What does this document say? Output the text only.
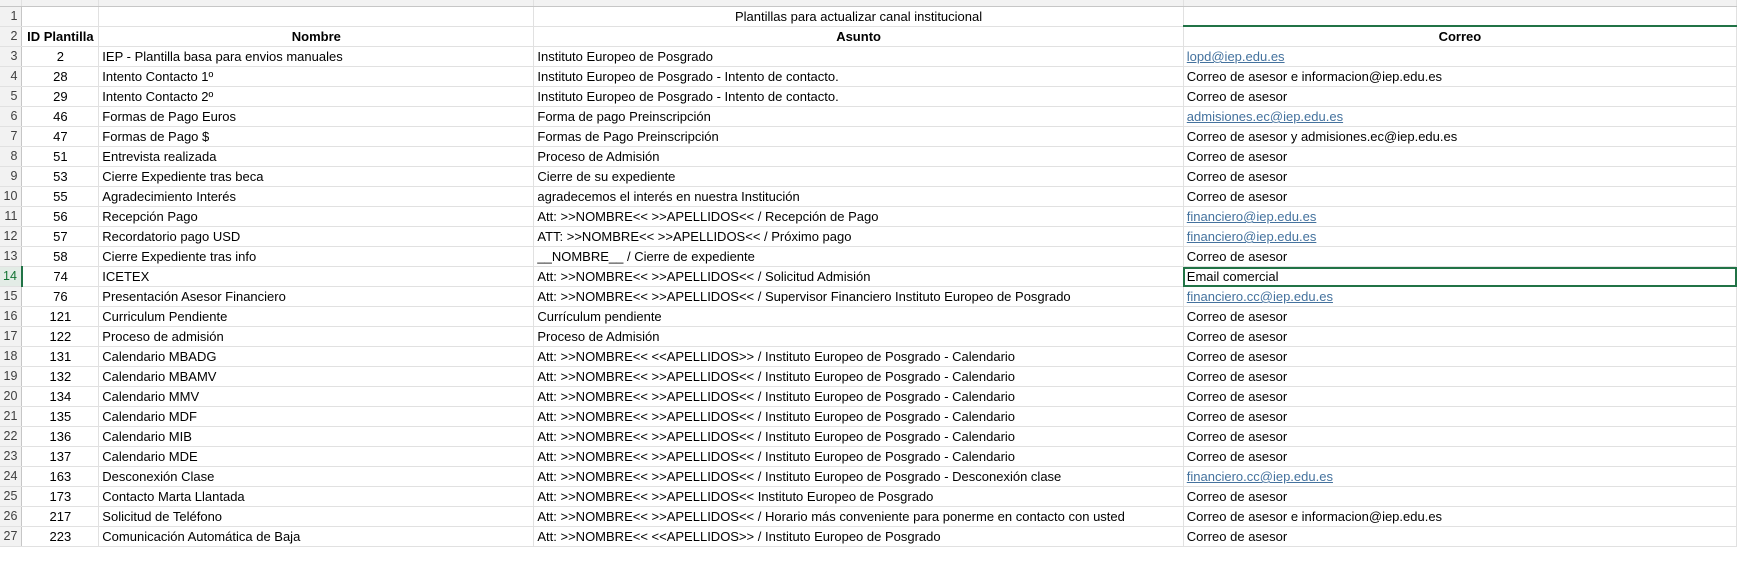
1			Plantillas para actualizar canal institucional	
2	ID Plantilla	Nombre	Asunto	Correo
3	2	IEP - Plantilla basa para envios manuales	Instituto Europeo de Posgrado	lopd@iep.edu.es
4	28	Intento Contacto 1º	Instituto Europeo de Posgrado - Intento de contacto.	Correo de asesor e informacion@iep.edu.es
5	29	Intento Contacto 2º	Instituto Europeo de Posgrado - Intento de contacto.	Correo de asesor
6	46	Formas de Pago Euros	Forma de pago Preinscripción	admisiones.ec@iep.edu.es
7	47	Formas de Pago $	Formas de Pago Preinscripción	Correo de asesor y admisiones.ec@iep.edu.es
8	51	Entrevista realizada	Proceso de Admisión	Correo de asesor
9	53	Cierre Expediente tras beca	Cierre de su expediente	Correo de asesor
10	55	Agradecimiento Interés	agradecemos el interés en nuestra Institución	Correo de asesor
11	56	Recepción Pago	Att: >>NOMBRE<< >>APELLIDOS<< / Recepción de Pago	financiero@iep.edu.es
12	57	Recordatorio pago USD	ATT: >>NOMBRE<< >>APELLIDOS<< / Próximo pago	financiero@iep.edu.es
13	58	Cierre Expediente tras info	__NOMBRE__ / Cierre de expediente	Correo de asesor
14	74	ICETEX	Att: >>NOMBRE<< >>APELLIDOS<< / Solicitud Admisión	Email comercial
15	76	Presentación Asesor Financiero	Att: >>NOMBRE<< >>APELLIDOS<< / Supervisor Financiero Instituto Europeo de Posgrado	financiero.cc@iep.edu.es
16	121	Curriculum Pendiente	Currículum pendiente	Correo de asesor
17	122	Proceso de admisión	Proceso de Admisión	Correo de asesor
18	131	Calendario MBADG	Att: >>NOMBRE<< <<APELLIDOS>> / Instituto Europeo de Posgrado - Calendario	Correo de asesor
19	132	Calendario MBAMV	Att: >>NOMBRE<< >>APELLIDOS<< / Instituto Europeo de Posgrado - Calendario	Correo de asesor
20	134	Calendario MMV	Att: >>NOMBRE<< >>APELLIDOS<< / Instituto Europeo de Posgrado - Calendario	Correo de asesor
21	135	Calendario MDF	Att: >>NOMBRE<< >>APELLIDOS<< / Instituto Europeo de Posgrado - Calendario	Correo de asesor
22	136	Calendario MIB	Att: >>NOMBRE<< >>APELLIDOS<< / Instituto Europeo de Posgrado - Calendario	Correo de asesor
23	137	Calendario MDE	Att: >>NOMBRE<< >>APELLIDOS<< / Instituto Europeo de Posgrado - Calendario	Correo de asesor
24	163	Desconexión Clase	Att: >>NOMBRE<< >>APELLIDOS<< / Instituto Europeo de Posgrado - Desconexión clase	financiero.cc@iep.edu.es
25	173	Contacto Marta Llantada	Att: >>NOMBRE<< >>APELLIDOS<< Instituto Europeo de Posgrado	Correo de asesor
26	217	Solicitud de Teléfono	Att: >>NOMBRE<< >>APELLIDOS<< / Horario más conveniente para ponerme en contacto con usted	Correo de asesor e informacion@iep.edu.es
27	223	Comunicación Automática de Baja	Att: >>NOMBRE<< <<APELLIDOS>> / Instituto Europeo de Posgrado	Correo de asesor
